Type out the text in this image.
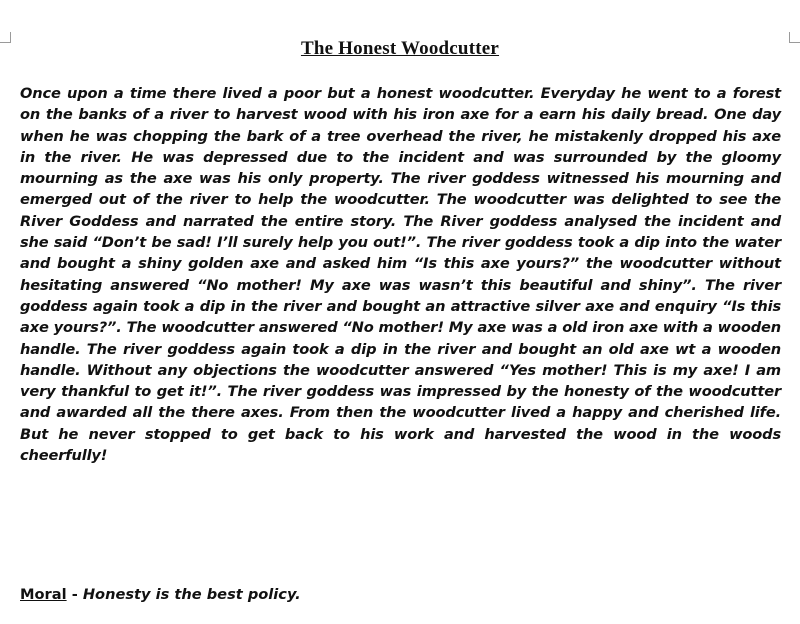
The Honest Woodcutter

Once upon a time there lived a poor but a honest woodcutter. Everyday he went to a forest on the banks of a river to harvest wood with his iron axe for a earn his daily bread. One day when he was chopping the bark of a tree overhead the river, he mistakenly dropped his axe in the river. He was depressed due to the incident and was surrounded by the gloomy mourning as the axe was his only property. The river goddess witnessed his mourning and emerged out of the river to help the woodcutter. The woodcutter was delighted to see the River Goddess and narrated the entire story. The River goddess analysed the incident and she said “Don’t be sad! I’ll surely help you out!”. The river goddess took a dip into the water and bought a shiny golden axe and asked him “Is this axe yours?” the woodcutter without hesitating answered “No mother! My axe was wasn’t this beautiful and shiny”. The river goddess again took a dip in the river and bought an attractive silver axe and enquiry “Is this axe yours?”. The woodcutter answered “No mother! My axe was a old iron axe with a wooden handle. The river goddess again took a dip in the river and bought an old axe wt a wooden handle. Without any objections the woodcutter answered “Yes mother! This is my axe! I am very thankful to get it!”. The river goddess was impressed by the honesty of the woodcutter and awarded all the there axes. From then the woodcutter lived a happy and cherished life. But he never stopped to get back to his work and harvested the wood in the woods cheerfully!

Moral - Honesty is the best policy.
